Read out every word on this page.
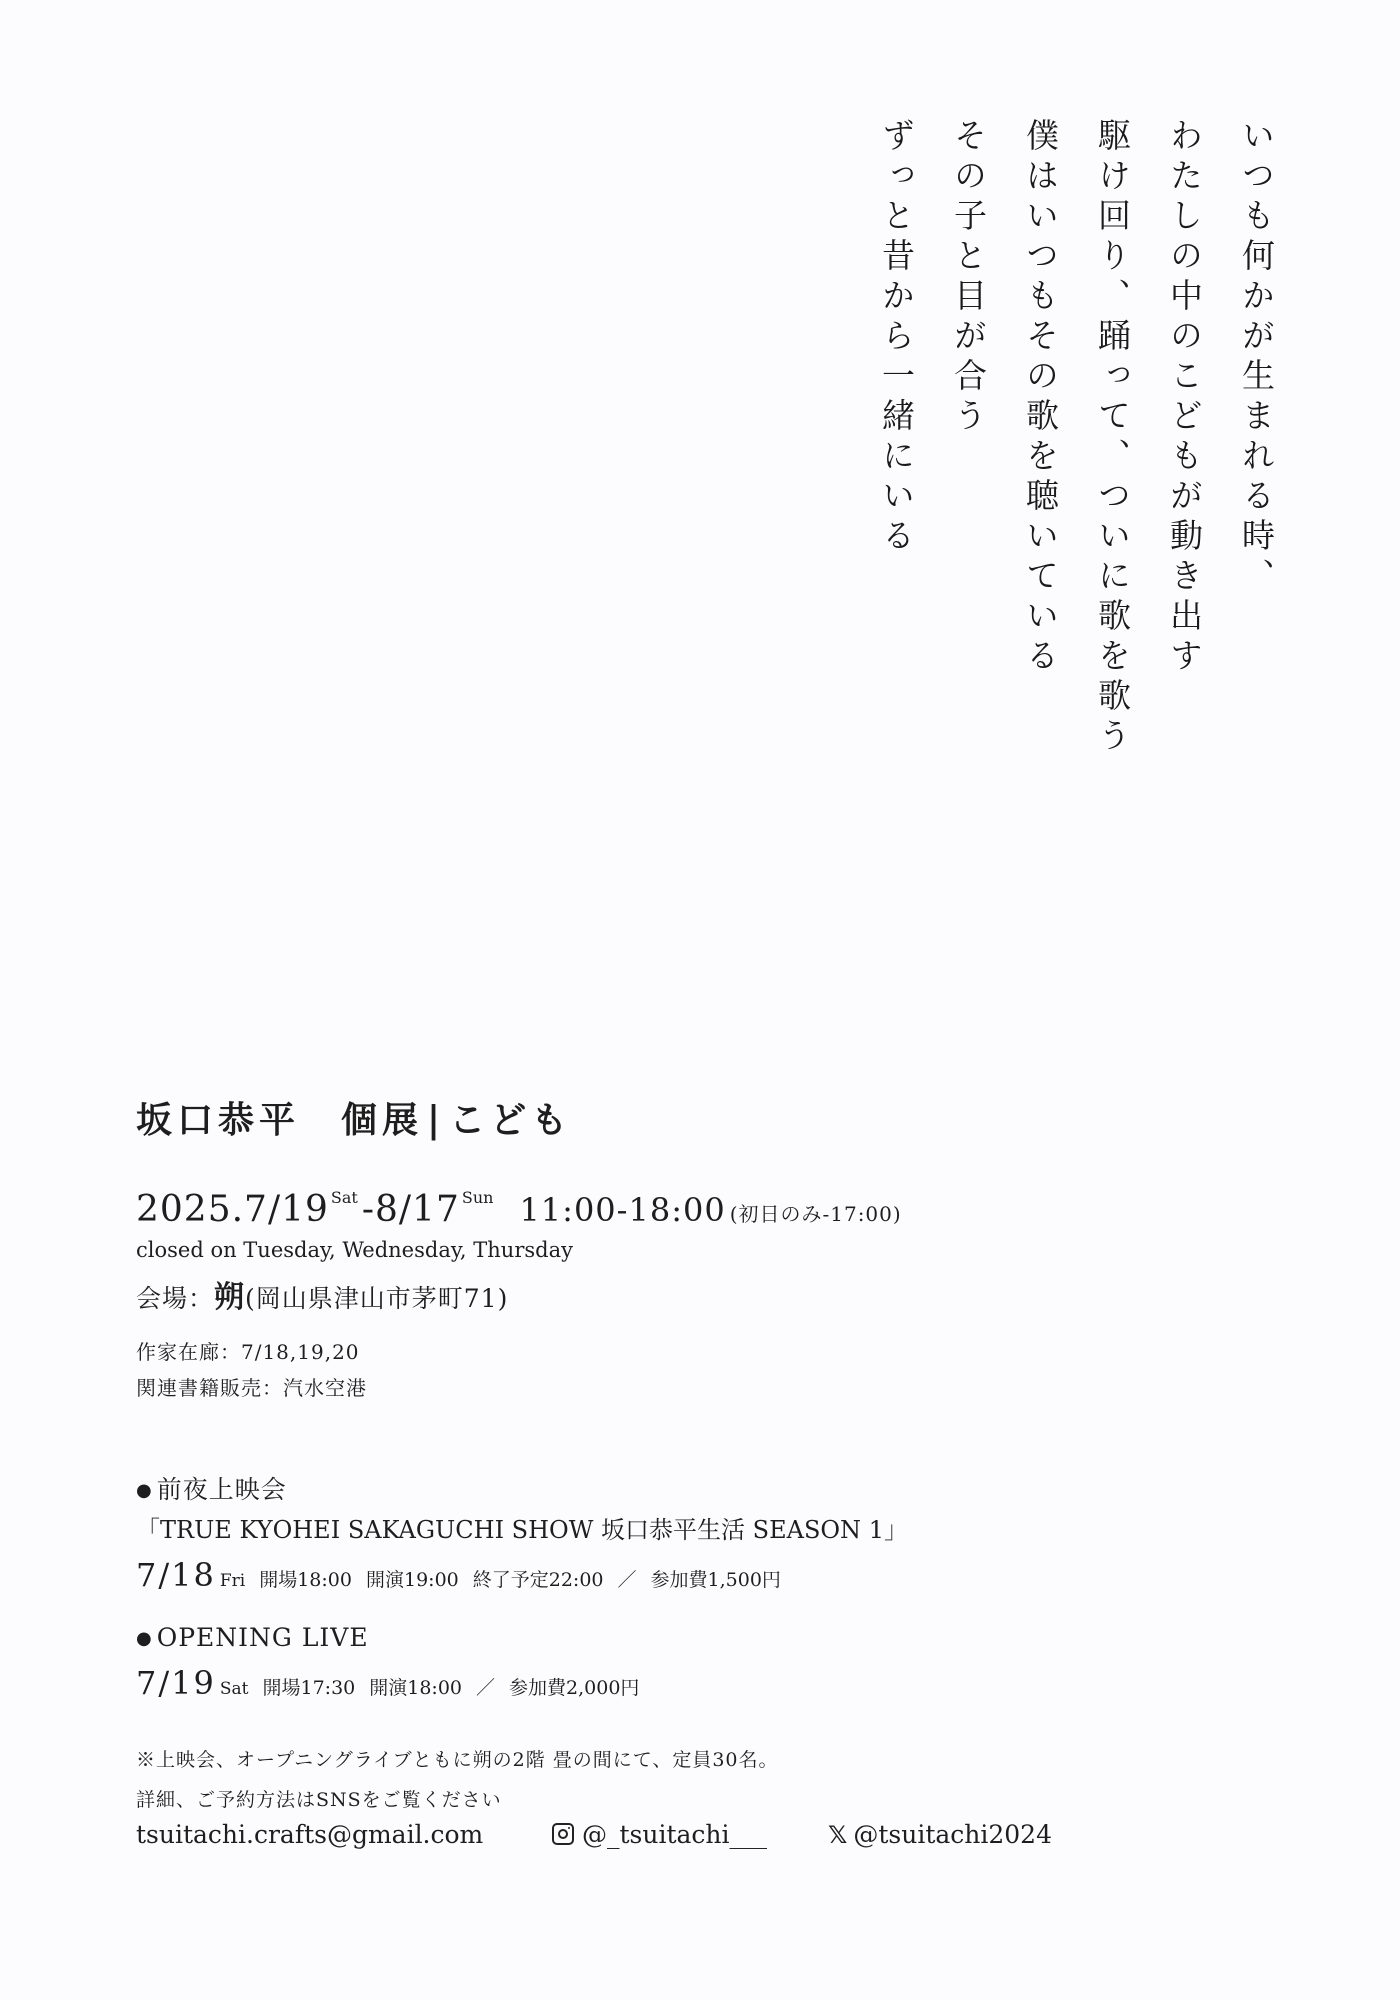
いつも何かが生まれる時、
わたしの中のこどもが動き出す
駆け回り、踊って、ついに歌を歌う
僕はいつもその歌を聴いている
その子と目が合う
ずっと昔から一緒にいる
坂口恭平　個展 | こども
2025.7/19 $^{Sat}$ -8/17 $^{Sun}$ 11:00-18:00 (初日のみ-17:00)
closed on Tuesday, Wednesday, Thursday
会場：朔(岡山県津山市茅町71)
作家在廊：7/18,19,20
関連書籍販売：汽水空港
● 前夜上映会
「TRUE KYOHEI SAKAGUCHI SHOW 坂口恭平生活 SEASON 1」
7/18 Fri 開場18:00 開演19:00 終了予定22:00 ／ 参加費1,500円
● OPENING LIVE
7/19 Sat 開場17:30 開演18:00 ／ 参加費2,000円
※上映会、オープニングライブともに朔の2階 畳の間にて、定員30名。
詳細、ご予約方法はSNSをご覧ください
tsuitachi.crafts@gmail.com	@_tsuitachi___	𝕏 @tsuitachi2024
